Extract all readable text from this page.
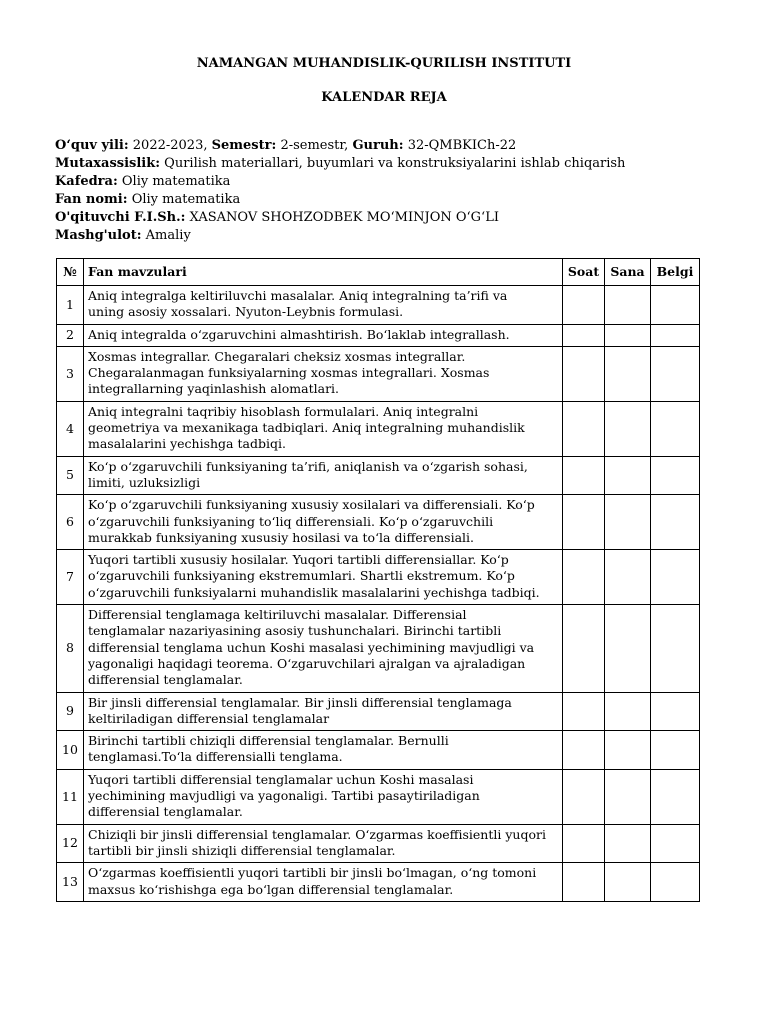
NAMANGAN MUHANDISLIK-QURILISH INSTITUTI
KALENDAR REJA
O‘quv yili: 2022-2023, Semestr: 2-semestr, Guruh: 32-QMBKICh-22
Mutaxassislik: Qurilish materiallari, buyumlari va konstruksiyalarini ishlab chiqarish
Kafedra: Oliy matematika
Fan nomi: Oliy matematika
O'qituvchi F.I.Sh.: XASANOV SHOHZODBEK MO‘MINJON O‘G‘LI
Mashg'ulot: Amaliy
№	Fan mavzulari	Soat	Sana	Belgi
1	Aniq integralga keltiriluvchi masalalar. Aniq integralning ta’rifi va
uning asosiy xossalari. Nyuton-Leybnis formulasi.			

2	Aniq integralda o‘zgaruvchini almashtirish. Bo‘laklab integrallash.			

3	Xosmas integrallar. Chegaralari cheksiz xosmas integrallar.
Chegaralanmagan funksiyalarning xosmas integrallari. Xosmas
integrallarning yaqinlashish alomatlari.			

4	Aniq integralni taqribiy hisoblash formulalari. Aniq integralni
geometriya va mexanikaga tadbiqlari. Aniq integralning muhandislik
masalalarini yechishga tadbiqi.			

5	Ko‘p o‘zgaruvchili funksiyaning ta’rifi, aniqlanish va o‘zgarish sohasi,
limiti, uzluksizligi			

6	Ko‘p o‘zgaruvchili funksiyaning xususiy xosilalari va differensiali. Ko‘p
o‘zgaruvchili funksiyaning to‘liq differensiali. Ko‘p o‘zgaruvchili
murakkab funksiyaning xususiy hosilasi va to‘la differensiali.			

7	Yuqori tartibli xususiy hosilalar. Yuqori tartibli differensiallar. Ko‘p
o‘zgaruvchili funksiyaning ekstremumlari. Shartli ekstremum. Ko‘p
o‘zgaruvchili funksiyalarni muhandislik masalalarini yechishga tadbiqi.			

8	Differensial tenglamaga keltiriluvchi masalalar. Differensial
tenglamalar nazariyasining asosiy tushunchalari. Birinchi tartibli
differensial tenglama uchun Koshi masalasi yechimining mavjudligi va
yagonaligi haqidagi teorema. O‘zgaruvchilari ajralgan va ajraladigan
differensial tenglamalar.			

9	Bir jinsli differensial tenglamalar. Bir jinsli differensial tenglamaga
keltiriladigan differensial tenglamalar			

10	Birinchi tartibli chiziqli differensial tenglamalar. Bernulli
tenglamasi.To‘la differensialli tenglama.			

11	Yuqori tartibli differensial tenglamalar uchun Koshi masalasi
yechimining mavjudligi va yagonaligi. Tartibi pasaytiriladigan
differensial tenglamalar.			

12	Chiziqli bir jinsli differensial tenglamalar. O‘zgarmas koeffisientli yuqori
tartibli bir jinsli shiziqli differensial tenglamalar.			

13	O‘zgarmas koeffisientli yuqori tartibli bir jinsli bo‘lmagan, o‘ng tomoni
maxsus ko‘rishishga ega bo‘lgan differensial tenglamalar.			
